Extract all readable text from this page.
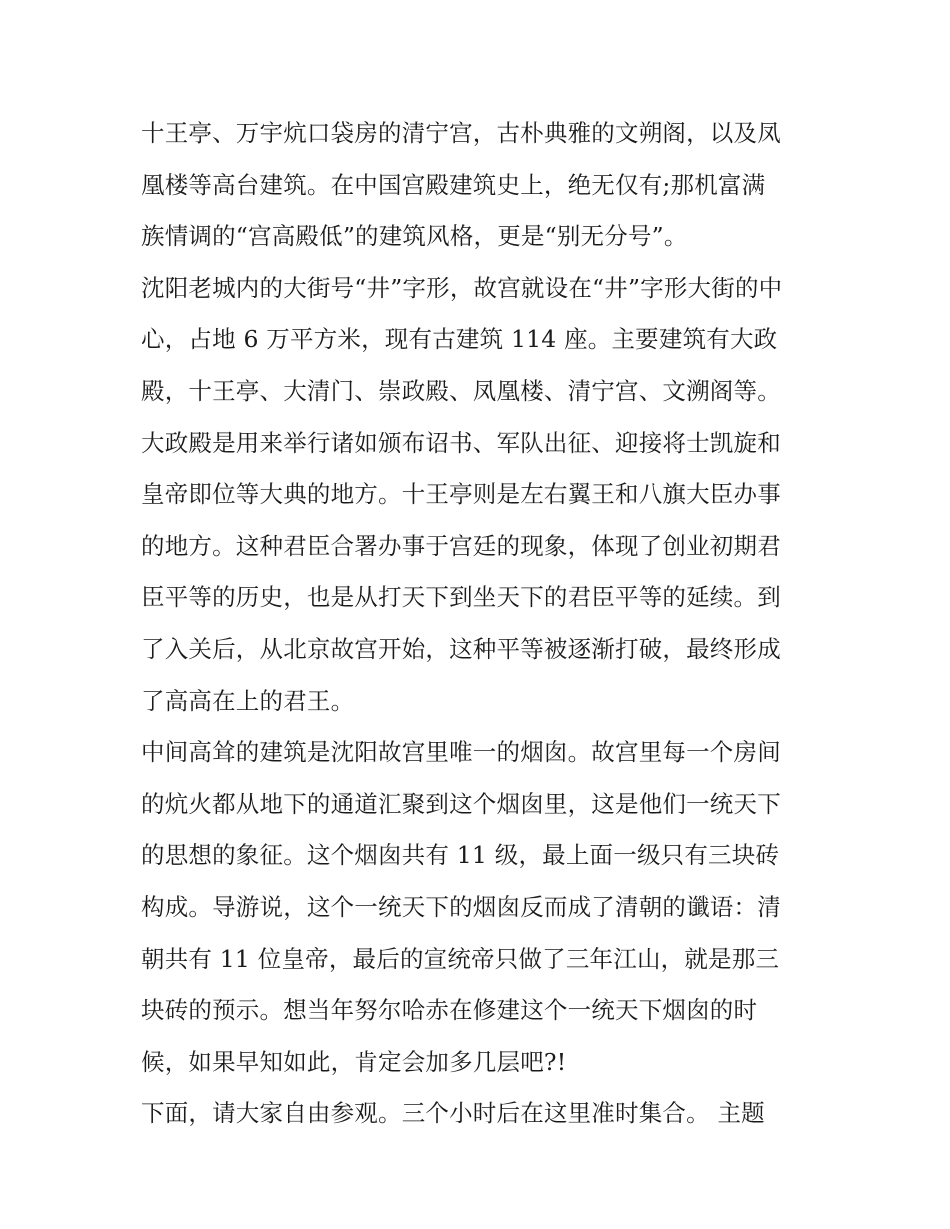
十王亭、万宇炕口袋房的清宁宫，古朴典雅的文朔阁，以及凤
凰楼等高台建筑。在中国宫殿建筑史上，绝无仅有;那机富满
族情调的“宫高殿低”的建筑风格，更是“别无分号”。
沈阳老城内的大街号“井”字形，故宫就设在“井”字形大街的中
心，占地 6 万平方米，现有古建筑 114 座。主要建筑有大政
殿，十王亭、大清门、崇政殿、凤凰楼、清宁宫、文溯阁等。
大政殿是用来举行诸如颁布诏书、军队出征、迎接将士凯旋和
皇帝即位等大典的地方。十王亭则是左右翼王和八旗大臣办事
的地方。这种君臣合署办事于宫廷的现象，体现了创业初期君
臣平等的历史，也是从打天下到坐天下的君臣平等的延续。到
了入关后，从北京故宫开始，这种平等被逐渐打破，最终形成
了高高在上的君王。
中间高耸的建筑是沈阳故宫里唯一的烟囱。故宫里每一个房间
的炕火都从地下的通道汇聚到这个烟囱里，这是他们一统天下
的思想的象征。这个烟囱共有 11 级，最上面一级只有三块砖
构成。导游说，这个一统天下的烟囱反而成了清朝的谶语：清
朝共有 11 位皇帝，最后的宣统帝只做了三年江山，就是那三
块砖的预示。想当年努尔哈赤在修建这个一统天下烟囱的时
候，如果早知如此，肯定会加多几层吧?!
下面，请大家自由参观。三个小时后在这里准时集合。 主题
